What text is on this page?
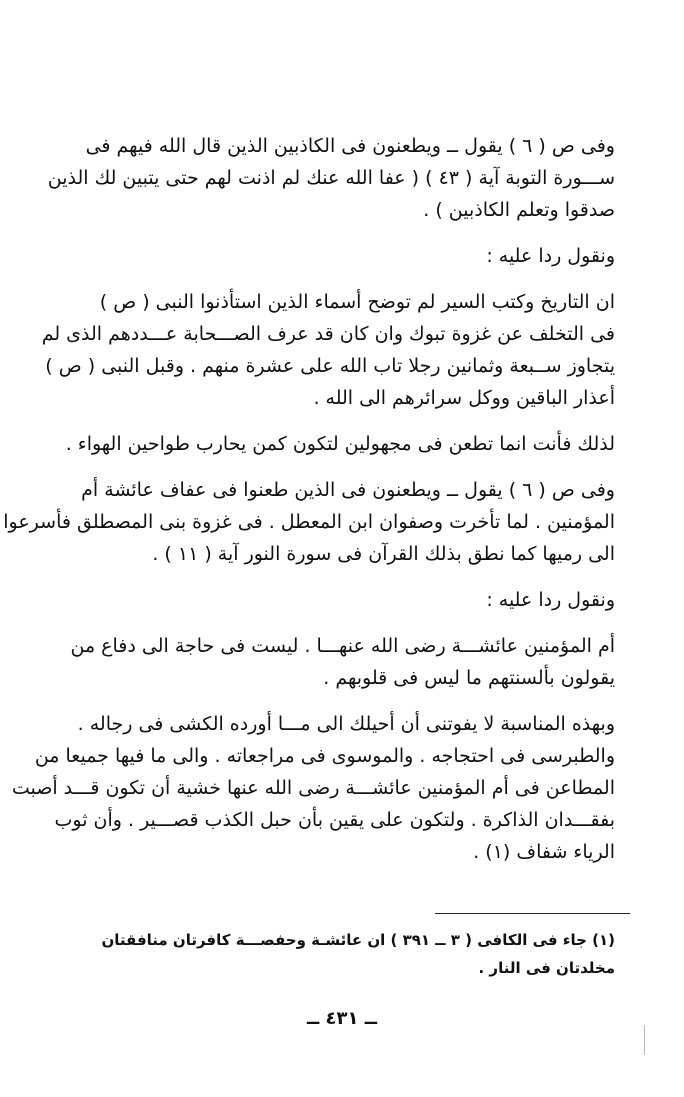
وفى ص ( ٦ ) يقول ــ ويطعنون فى الكاذبين الذين قال الله فيهم فى
ســـورة التوبة آية ( ٤٣ ) ( عفا الله عنك لم اذنت لهم حتى يتبين لك الذين
صدقوا وتعلم الكاذبين ) .

ونقول ردا عليه :

ان التاريخ وكتب السير لم توضح أسماء الذين استأذنوا النبى ( ص )
فى التخلف عن غزوة تبوك وان كان قد عرف الصـــحابة عـــددهم الذى لم
يتجاوز ســبعة وثمانين رجلا تاب الله على عشرة منهم . وقبل النبى ( ص )
أعذار الباقين ووكل سرائرهم الى الله .

لذلك فأنت انما تطعن فى مجهولين لتكون كمن يحارب طواحين الهواء .

وفى ص ( ٦ ) يقول ــ ويطعنون فى الذين طعنوا فى عفاف عائشة أم
المؤمنين . لما تأخرت وصفوان ابن المعطل . فى غزوة بنى المصطلق فأسرعوا
الى رميها كما نطق بذلك القرآن فى سورة النور آية ( ١١ ) .

ونقول ردا عليه :

أم المؤمنين عائشـــة رضى الله عنهـــا . ليست فى حاجة الى دفاع من
يقولون بألسنتهم ما ليس فى قلوبهم .

وبهذه المناسبة لا يفوتنى أن أحيلك الى مـــا أورده الكشى فى رجاله .
والطبرسى فى احتجاجه . والموسوى فى مراجعاته . والى ما فيها جميعا من
المطاعن فى أم المؤمنين عائشـــة رضى الله عنها خشية أن تكون قـــد أصبت
بفقـــدان الذاكرة . ولتكون على يقين بأن حبل الكذب قصـــير . وأن ثوب
الرياء شفاف (١) .

(١) جاء فى الكافى ( ٣ ــ ٣٩١ ) ان عائشـة وحفصـــة كافرتان منافقتان
مخلدتان فى النار .
ــ ٤٣١ ــ
